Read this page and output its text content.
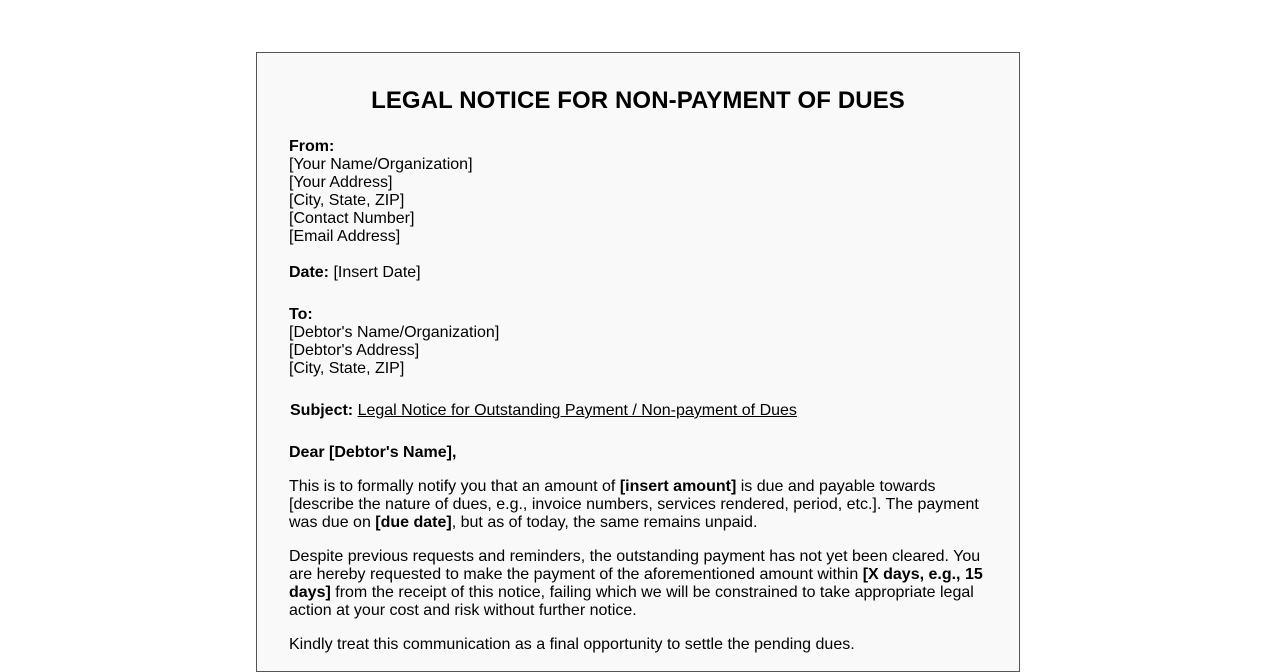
LEGAL NOTICE FOR NON-PAYMENT OF DUES
From:
[Your Name/Organization]
[Your Address]
[City, State, ZIP]
[Contact Number]
[Email Address]
Date: [Insert Date]
To:
[Debtor's Name/Organization]
[Debtor's Address]
[City, State, ZIP]
Subject: Legal Notice for Outstanding Payment / Non-payment of Dues
Dear [Debtor's Name],
This is to formally notify you that an amount of [insert amount] is due and payable towards [describe the nature of dues, e.g., invoice numbers, services rendered, period, etc.]. The payment was due on [due date], but as of today, the same remains unpaid.
Despite previous requests and reminders, the outstanding payment has not yet been cleared. You are hereby requested to make the payment of the aforementioned amount within [X days, e.g., 15 days] from the receipt of this notice, failing which we will be constrained to take appropriate legal action at your cost and risk without further notice.
Kindly treat this communication as a final opportunity to settle the pending dues.
